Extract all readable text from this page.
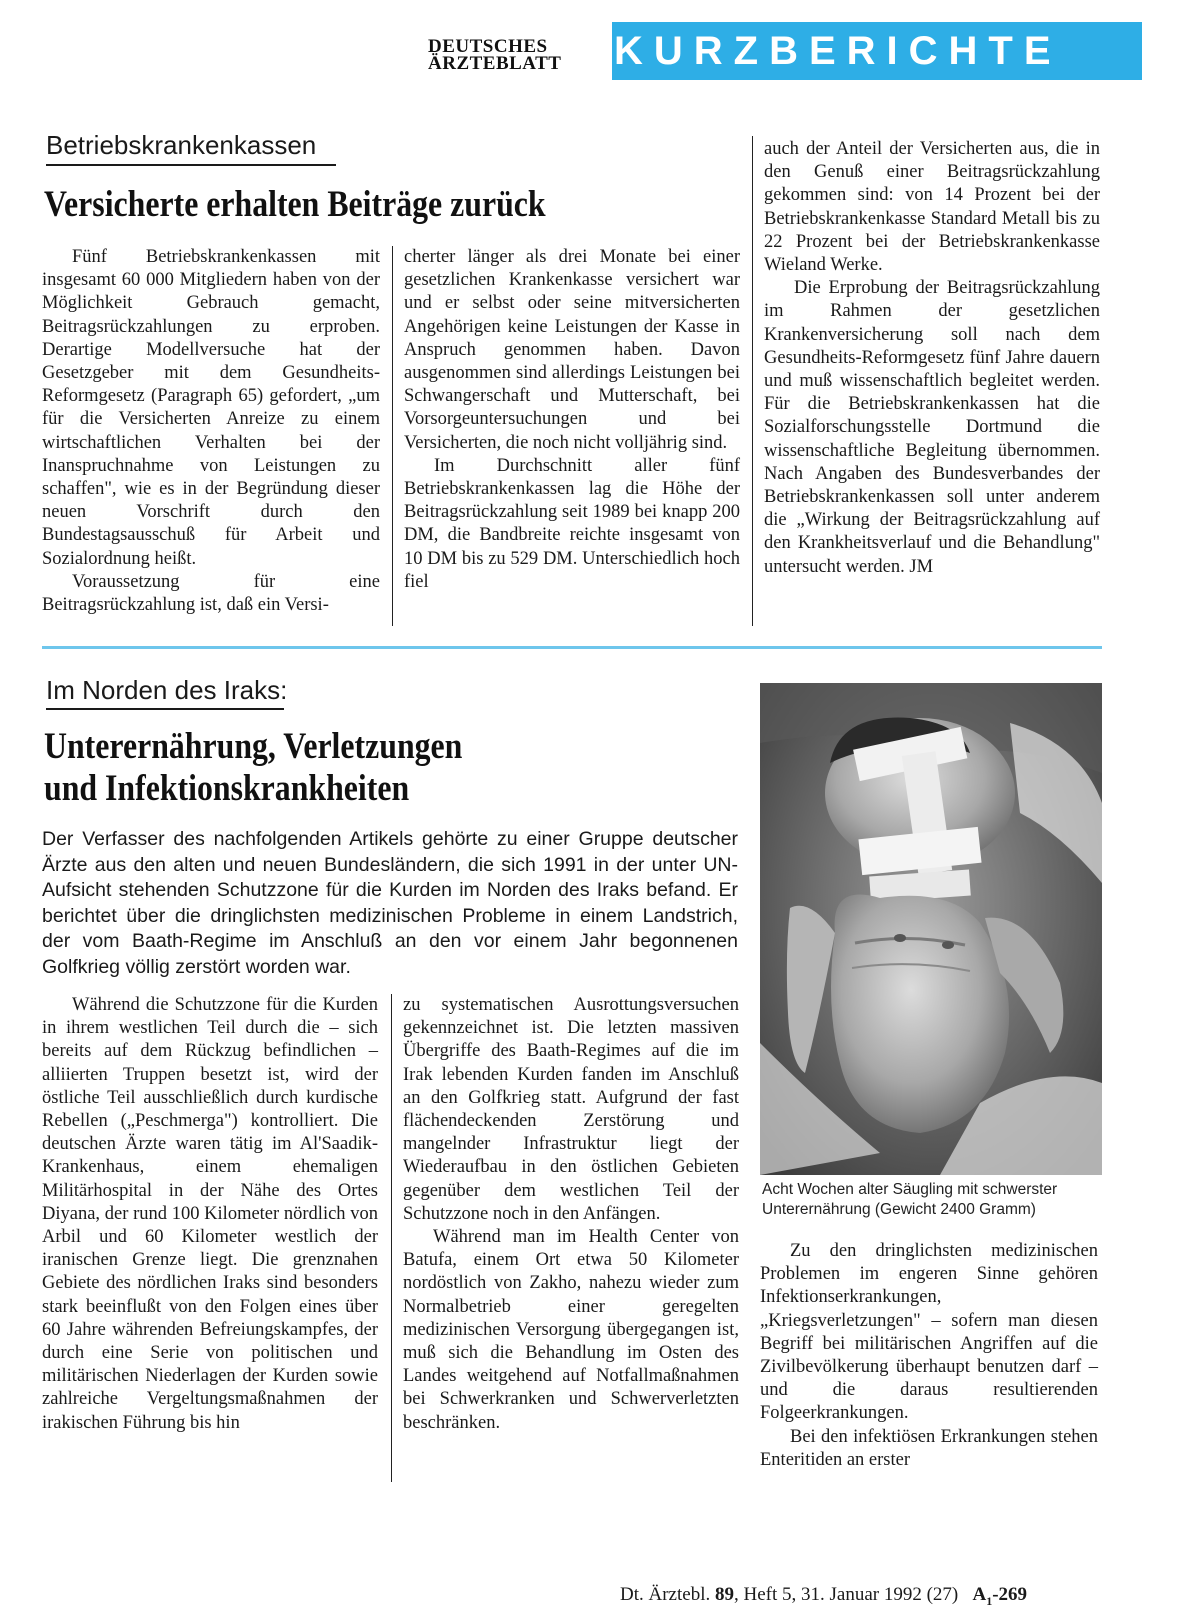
DEUTSCHES
ÄRZTEBLATT	KURZBERICHTE
Betriebskrankenkassen
Versicherte erhalten Beiträge zurück

Fünf Betriebskrankenkassen mit insgesamt 60 000 Mitgliedern haben von der Möglichkeit Gebrauch gemacht, Beitragsrückzahlungen zu erproben. Derartige Modellversuche hat der Gesetzgeber mit dem Gesundheits-Reformgesetz (Paragraph 65) gefordert, „um für die Versicherten Anreize zu einem wirtschaftlichen Verhalten bei der Inanspruchnahme von Leistungen zu schaffen", wie es in der Begründung dieser neuen Vorschrift durch den Bundestagsausschuß für Arbeit und Sozialordnung heißt.

Voraussetzung für eine Beitragsrückzahlung ist, daß ein Versi-

cherter länger als drei Monate bei einer gesetzlichen Krankenkasse versichert war und er selbst oder seine mitversicherten Angehörigen keine Leistungen der Kasse in Anspruch genommen haben. Davon ausgenommen sind allerdings Leistungen bei Schwangerschaft und Mutterschaft, bei Vorsorgeuntersuchungen und bei Versicherten, die noch nicht volljährig sind.

Im Durchschnitt aller fünf Betriebskrankenkassen lag die Höhe der Beitragsrückzahlung seit 1989 bei knapp 200 DM, die Bandbreite reichte insgesamt von 10 DM bis zu 529 DM. Unterschiedlich hoch fiel

auch der Anteil der Versicherten aus, die in den Genuß einer Beitragsrückzahlung gekommen sind: von 14 Prozent bei der Betriebskrankenkasse Standard Metall bis zu 22 Prozent bei der Betriebskrankenkasse Wieland Werke.

Die Erprobung der Beitragsrückzahlung im Rahmen der gesetzlichen Krankenversicherung soll nach dem Gesundheits-Reformgesetz fünf Jahre dauern und muß wissenschaftlich begleitet werden. Für die Betriebskrankenkassen hat die Sozialforschungsstelle Dortmund die wissenschaftliche Begleitung übernommen. Nach Angaben des Bundesverbandes der Betriebskrankenkassen soll unter anderem die „Wirkung der Beitragsrückzahlung auf den Krankheitsverlauf und die Behandlung" untersucht werden. JM

Im Norden des Iraks:
Unterernährung, Verletzungen
und Infektionskrankheiten
Der Verfasser des nachfolgenden Artikels gehörte zu einer Gruppe deutscher Ärzte aus den alten und neuen Bundesländern, die sich 1991 in der unter UN-Aufsicht stehenden Schutzzone für die Kurden im Norden des Iraks befand. Er berichtet über die dringlichsten medizinischen Probleme in einem Landstrich, der vom Baath-Regime im Anschluß an den vor einem Jahr begonnenen Golfkrieg völlig zerstört worden war.

Während die Schutzzone für die Kurden in ihrem westlichen Teil durch die – sich bereits auf dem Rückzug befindlichen – alliierten Truppen besetzt ist, wird der östliche Teil ausschließlich durch kurdische Rebellen („Peschmerga") kontrolliert. Die deutschen Ärzte waren tätig im Al'Saadik-Krankenhaus, einem ehemaligen Militärhospital in der Nähe des Ortes Diyana, der rund 100 Kilometer nördlich von Arbil und 60 Kilometer westlich der iranischen Grenze liegt. Die grenznahen Gebiete des nördlichen Iraks sind besonders stark beeinflußt von den Folgen eines über 60 Jahre währenden Befreiungskampfes, der durch eine Serie von politischen und militärischen Niederlagen der Kurden sowie zahlreiche Vergeltungsmaßnahmen der irakischen Führung bis hin

zu systematischen Ausrottungsversuchen gekennzeichnet ist. Die letzten massiven Übergriffe des Baath-Regimes auf die im Irak lebenden Kurden fanden im Anschluß an den Golfkrieg statt. Aufgrund der fast flächendeckenden Zerstörung und mangelnder Infrastruktur liegt der Wiederaufbau in den östlichen Gebieten gegenüber dem westlichen Teil der Schutzzone noch in den Anfängen.

Während man im Health Center von Batufa, einem Ort etwa 50 Kilometer nordöstlich von Zakho, nahezu wieder zum Normalbetrieb einer geregelten medizinischen Versorgung übergegangen ist, muß sich die Behandlung im Osten des Landes weitgehend auf Notfallmaßnahmen bei Schwerkranken und Schwerverletzten beschränken.

Acht Wochen alter Säugling mit schwerster Unterernährung (Gewicht 2400 Gramm)

Zu den dringlichsten medizinischen Problemen im engeren Sinne gehören Infektionserkrankungen, „Kriegsverletzungen" – sofern man diesen Begriff bei militärischen Angriffen auf die Zivilbevölkerung überhaupt benutzen darf – und die daraus resultierenden Folgeerkrankungen.

Bei den infektiösen Erkrankungen stehen Enteritiden an erster

Dt. Ärztebl. 89, Heft 5, 31. Januar 1992 (27) $A_1-269$
